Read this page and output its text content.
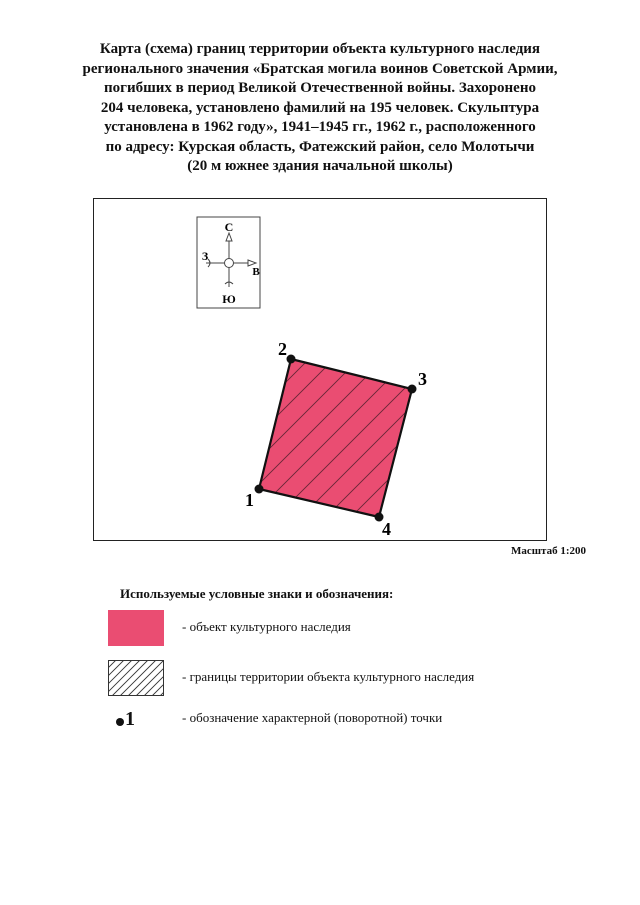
Карта (схема) границ территории объекта культурного наследия
регионального значения «Братская могила воинов Советской Армии,
погибших в период Великой Отечественной войны. Захоронено
204 человека, установлено фамилий на 195 человек. Скульптура
установлена в 1962 году», 1941–1945 гг., 1962 г., расположенного
по адресу: Курская область, Фатежский район, село Молотычи
(20 м южнее здания начальной школы)
С
Ю
З
В
1
2
3
4
Масштаб 1:200
Используемые условные знаки и обозначения:
- объект культурного наследия
- границы территории объекта культурного наследия
1	- обозначение характерной (поворотной) точки
